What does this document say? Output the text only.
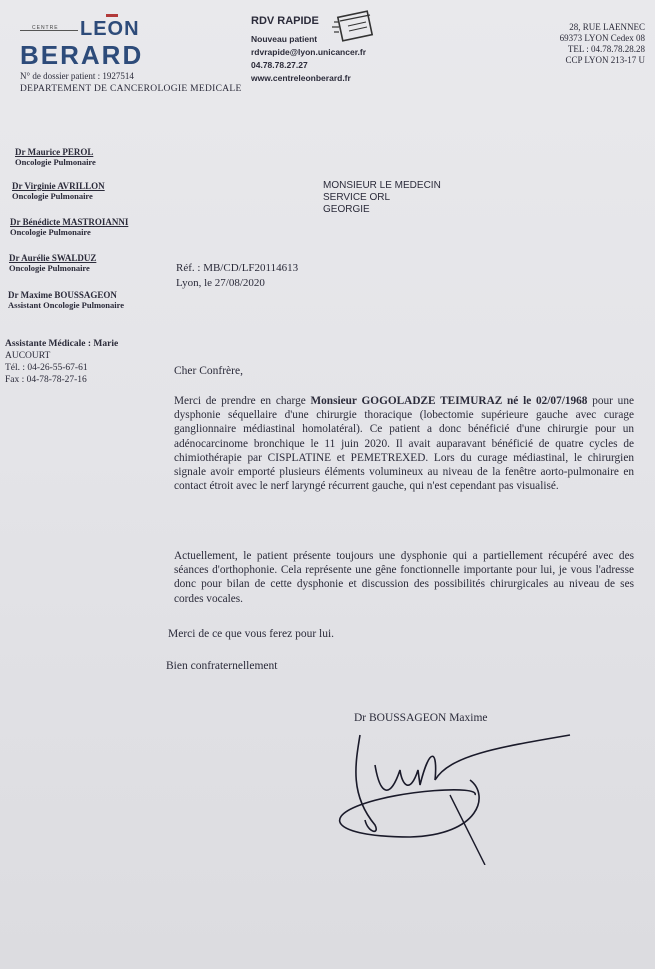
CENTRE LEON
BERARD
N° de dossier patient : 1927514
DEPARTEMENT DE CANCEROLOGIE MEDICALE
RDV RAPIDE
Nouveau patient
rdvrapide@lyon.unicancer.fr
04.78.78.27.27
www.centreleonberard.fr
28, RUE LAENNEC
69373 LYON Cedex 08
TEL : 04.78.78.28.28
CCP LYON 213-17 U
Dr Maurice PEROL
Oncologie Pulmonaire
Dr Virginie AVRILLON
Oncologie Pulmonaire
Dr Bénédicte MASTROIANNI
Oncologie Pulmonaire
Dr Aurélie SWALDUZ
Oncologie Pulmonaire
Dr Maxime BOUSSAGEON
Assistant Oncologie Pulmonaire
Assistante Médicale : Marie
AUCOURT
Tél. : 04-26-55-67-61
Fax : 04-78-78-27-16
MONSIEUR LE MEDECIN
SERVICE ORL
GEORGIE
Réf. : MB/CD/LF20114613
Lyon, le 27/08/2020
Cher Confrère,
Merci de prendre en charge Monsieur GOGOLADZE TEIMURAZ né le 02/07/1968 pour une dysphonie séquellaire d'une chirurgie thoracique (lobectomie supérieure gauche avec curage ganglionnaire médiastinal homolatéral). Ce patient a donc bénéficié d'une chirurgie pour un adénocarcinome bronchique le 11 juin 2020. Il avait auparavant bénéficié de quatre cycles de chimiothérapie par CISPLATINE et PEMETREXED. Lors du curage médiastinal, le chirurgien signale avoir emporté plusieurs éléments volumineux au niveau de la fenêtre aorto-pulmonaire en contact étroit avec le nerf laryngé récurrent gauche, qui n'est cependant pas visualisé.
Actuellement, le patient présente toujours une dysphonie qui a partiellement récupéré avec des séances d'orthophonie. Cela représente une gêne fonctionnelle importante pour lui, je vous l'adresse donc pour bilan de cette dysphonie et discussion des possibilités chirurgicales au niveau de ses cordes vocales.
Merci de ce que vous ferez pour lui.
Bien confraternellement
Dr BOUSSAGEON Maxime
